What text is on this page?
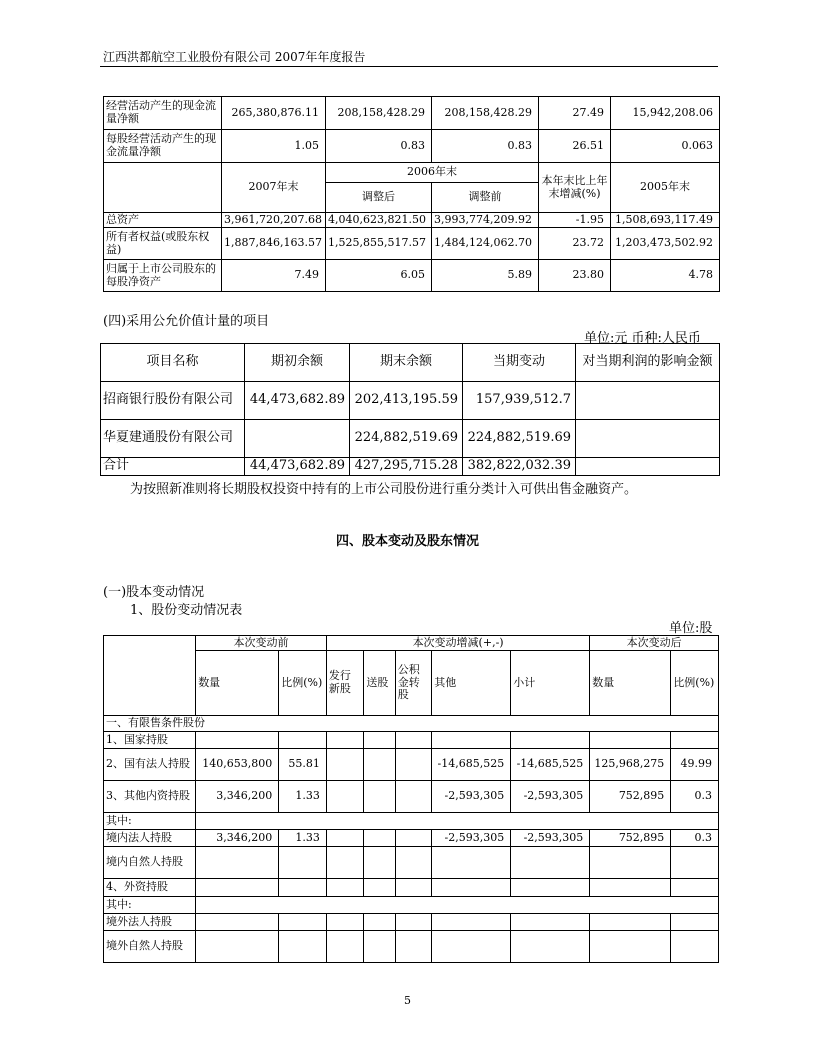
江西洪都航空工业股份有限公司 2007年年度报告
经营活动产生的现金流量净额	265,380,876.11	208,158,428.29	208,158,428.29	27.49	15,942,208.06
每股经营活动产生的现金流量净额	1.05	0.83	0.83	26.51	0.063
	2007年末	2006年末		本年末比上年末增减(%)	2005年末
		调整后	调整前		
总资产	3,961,720,207.68	4,040,623,821.50	3,993,774,209.92	-1.95	1,508,693,117.49
所有者权益(或股东权益)	1,887,846,163.57	1,525,855,517.57	1,484,124,062.70	23.72	1,203,473,502.92
归属于上市公司股东的每股净资产	7.49	6.05	5.89	23.80	4.78
(四)采用公允价值计量的项目
单位:元 币种:人民币
项目名称	期初余额	期末余额	当期变动	对当期利润的影响金额
招商银行股份有限公司	44,473,682.89	202,413,195.59	157,939,512.7	
华夏建通股份有限公司		224,882,519.69	224,882,519.69	
合计	44,473,682.89	427,295,715.28	382,822,032.39	
为按照新准则将长期股权投资中持有的上市公司股份进行重分类计入可供出售金融资产。
四、股本变动及股东情况
(一)股本变动情况
1、股份变动情况表
单位:股
	本次变动前		本次变动增减(+,-)					本次变动后	
	数量	比例(%)	发行新股	送股	公积金转股	其他	小计	数量	比例(%)
一、有限售条件股份									
1、国家持股									
2、国有法人持股	140,653,800	55.81				-14,685,525	-14,685,525	125,968,275	49.99
3、其他内资持股	3,346,200	1.33				-2,593,305	-2,593,305	752,895	0.3
其中:									
境内法人持股	3,346,200	1.33				-2,593,305	-2,593,305	752,895	0.3
境内自然人持股									
4、外资持股									
其中:									
境外法人持股									
境外自然人持股									
5
